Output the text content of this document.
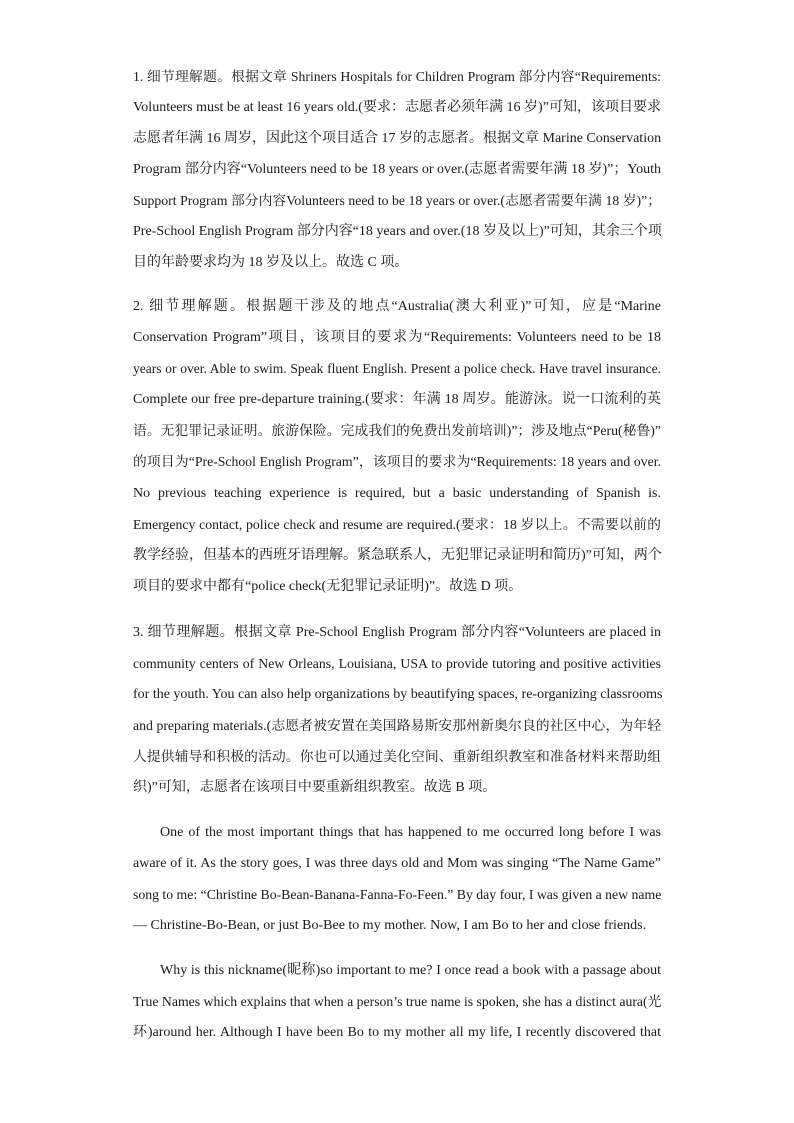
1. 细节理解题。根据文章 Shriners Hospitals for Children Program 部分内容“Requirements:
Volunteers must be at least 16 years old.(要求：志愿者必须年满 16 岁)”可知，该项目要求
志愿者年满 16 周岁，因此这个项目适合 17 岁的志愿者。根据文章 Marine Conservation
Program 部分内容“Volunteers need to be 18 years or over.(志愿者需要年满 18 岁)”；Youth
Support Program 部分内容Volunteers need to be 18 years or over.(志愿者需要年满 18 岁)”；
Pre-School English Program 部分内容“18 years and over.(18 岁及以上)”可知，其余三个项
目的年龄要求均为 18 岁及以上。故选 C 项。
2. 细节理解题。根据题干涉及的地点“Australia(澳大利亚)”可知，应是“Marine
Conservation Program”项目，该项目的要求为“Requirements: Volunteers need to be 18
years or over. Able to swim. Speak fluent English. Present a police check. Have travel insurance.
Complete our free pre-departure training.(要求：年满 18 周岁。能游泳。说一口流利的英
语。无犯罪记录证明。旅游保险。完成我们的免费出发前培训)”；涉及地点“Peru(秘鲁)”
的项目为“Pre-School English Program”，该项目的要求为“Requirements: 18 years and over.
No previous teaching experience is required, but a basic understanding of Spanish is.
Emergency contact, police check and resume are required.(要求：18 岁以上。不需要以前的
教学经验，但基本的西班牙语理解。紧急联系人，无犯罪记录证明和简历)”可知，两个
项目的要求中都有“police check(无犯罪记录证明)”。故选 D 项。
3. 细节理解题。根据文章 Pre-School English Program 部分内容“Volunteers are placed in
community centers of New Orleans, Louisiana, USA to provide tutoring and positive activities
for the youth. You can also help organizations by beautifying spaces, re-organizing classrooms
and preparing materials.(志愿者被安置在美国路易斯安那州新奥尔良的社区中心，为年轻
人提供辅导和积极的活动。你也可以通过美化空间、重新组织教室和准备材料来帮助组
织)”可知，志愿者在该项目中要重新组织教室。故选 B 项。
One of the most important things that has happened to me occurred long before I was
aware of it. As the story goes, I was three days old and Mom was singing “The Name Game”
song to me: “Christine Bo-Bean-Banana-Fanna-Fo-Feen.” By day four, I was given a new name
— Christine-Bo-Bean, or just Bo-Bee to my mother. Now, I am Bo to her and close friends.
Why is this nickname(昵称)so important to me? I once read a book with a passage about
True Names which explains that when a person’s true name is spoken, she has a distinct aura(光
环)around her. Although I have been Bo to my mother all my life, I recently discovered that
